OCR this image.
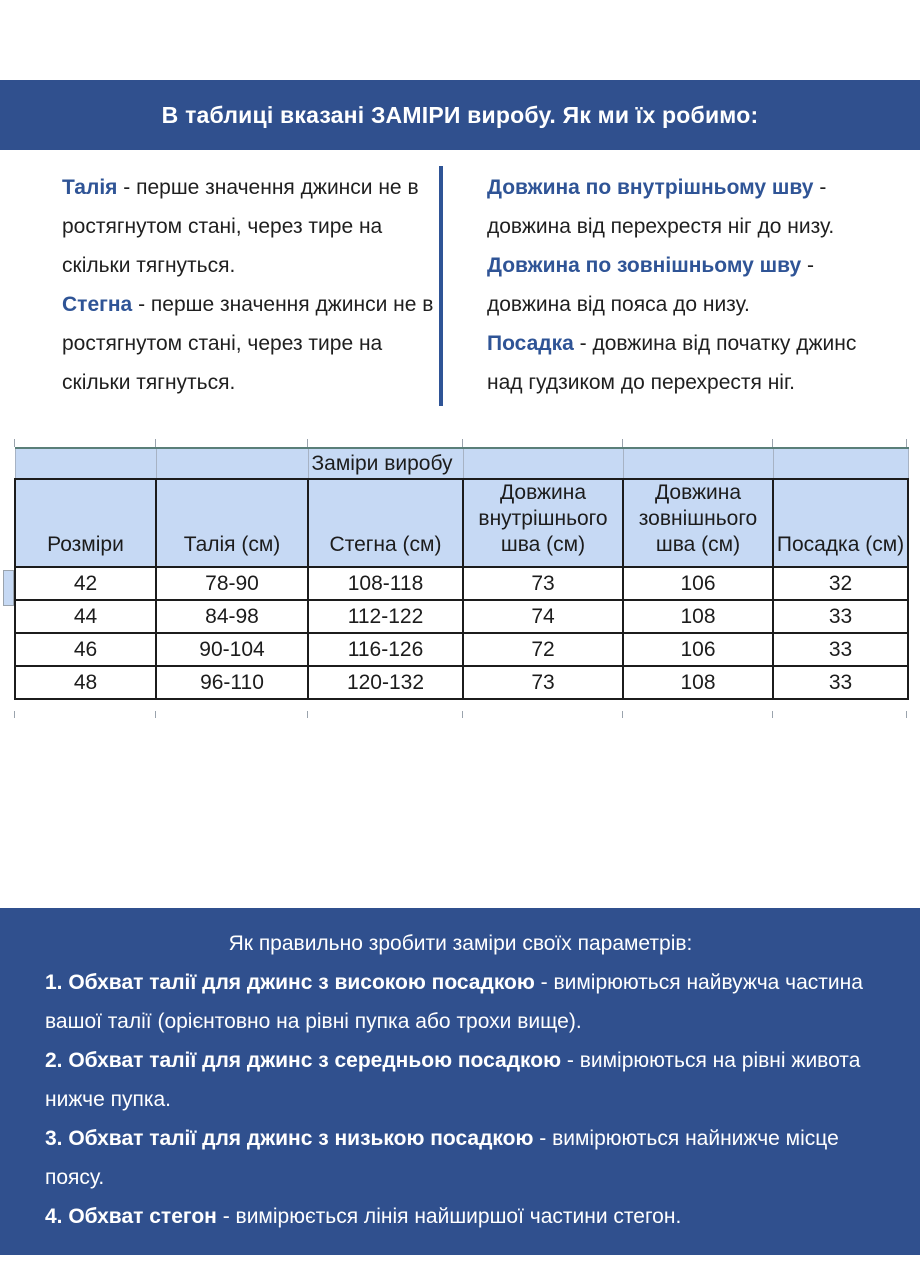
В таблиці вказані ЗАМІРИ виробу. Як ми їх робимо:

Талія - перше значення джинси не в ростягнутом стані, через тире на скільки тягнуться.

Стегна - перше значення джинси не в ростягнутом стані, через тире на скільки тягнуться.

Довжина по внутрішньому шву - довжина від перехрестя ніг до низу.

Довжина по зовнішньому шву - довжина від пояса до низу.

Посадка - довжина від початку джинс над гудзиком до перехрестя ніг.

		Заміри виробу			
Розміри	Талія (см)	Стегна (см)	Довжина внутрішнього шва (см)	Довжина зовнішнього шва (см)	Посадка (см)
42	78-90	108-118	73	106	32
44	84-98	112-122	74	108	33
46	90-104	116-126	72	106	33
48	96-110	120-132	73	108	33

Як правильно зробити заміри своїх параметрів:

1. Обхват талії для джинс з високою посадкою - вимірюються найвужча частина вашої талії (орієнтовно на рівні пупка або трохи вище).

2. Обхват талії для джинс з середньою посадкою - вимірюються на рівні живота нижче пупка.

3. Обхват талії для джинс з низькою посадкою - вимірюються найнижче місце поясу.

4. Обхват стегон - вимірюється лінія найширшої частини стегон.
